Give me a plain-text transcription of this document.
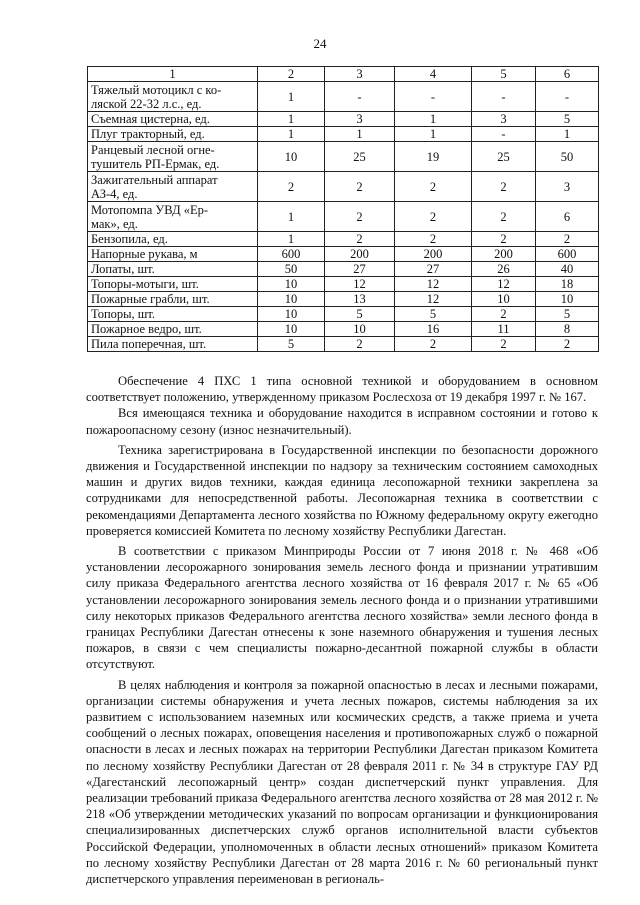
24
1	2	3	4	5	6
Тяжелый мотоцикл с ко-
ляской 22-32 л.с., ед.	1	-	-	-	-
Съемная цистерна, ед.	1	3	1	3	5
Плуг тракторный, ед.	1	1	1	-	1
Ранцевый лесной огне-
тушитель РП-Ермак, ед.	10	25	19	25	50
Зажигательный аппарат
АЗ-4, ед.	2	2	2	2	3
Мотопомпа УВД «Ер-
мак», ед.	1	2	2	2	6
Бензопила, ед.	1	2	2	2	2
Напорные рукава, м	600	200	200	200	600
Лопаты, шт.	50	27	27	26	40
Топоры-мотыги, шт.	10	12	12	12	18
Пожарные грабли, шт.	10	13	12	10	10
Топоры, шт.	10	5	5	2	5
Пожарное ведро, шт.	10	10	16	11	8
Пила поперечная, шт.	5	2	2	2	2

Обеспечение 4 ПХС 1 типа основной техникой и оборудованием в основном соответствует положению, утвержденному приказом Рослесхоза от 19 декабря 1997 г. № 167.

Вся имеющаяся техника и оборудование находится в исправном состоянии и готово к пожароопасному сезону (износ незначительный).

Техника зарегистрирована в Государственной инспекции по безопасности дорожного движения и Государственной инспекции по надзору за техническим состоянием самоходных машин и других видов техники, каждая единица лесопожарной техники закреплена за сотрудниками для непосредственной работы. Лесопожарная техника в соответствии с рекомендациями Департамента лесного хозяйства по Южному федеральному округу ежегодно проверяется комиссией Комитета по лесному хозяйству Республики Дагестан.

В соответствии с приказом Минприроды России от 7 июня 2018 г. № 468 «Об установлении лесорожарного зонирования земель лесного фонда и признании утратившим силу приказа Федерального агентства лесного хозяйства от 16 февраля 2017 г. № 65 «Об установлении лесорожарного зонирования земель лесного фонда и о признании утратившими силу некоторых приказов Федерального агентства лесного хозяйства» земли лесного фонда в границах Республики Дагестан отнесены к зоне наземного обнаружения и тушения лесных пожаров, в связи с чем специалисты пожарно-десантной пожарной службы в области отсутствуют.

В целях наблюдения и контроля за пожарной опасностью в лесах и лесными пожарами, организации системы обнаружения и учета лесных пожаров, системы наблюдения за их развитием с использованием наземных или космических средств, а также приема и учета сообщений о лесных пожарах, оповещения населения и противопожарных служб о пожарной опасности в лесах и лесных пожарах на территории Республики Дагестан приказом Комитета по лесному хозяйству Республики Дагестан от 28 февраля 2011 г. № 34 в структуре ГАУ РД «Дагестанский лесопожарный центр» создан диспетчерский пункт управления. Для реализации требований приказа Федерального агентства лесного хозяйства от 28 мая 2012 г. № 218 «Об утверждении методических указаний по вопросам организации и функционирования специализированных диспетчерских служб органов исполнительной власти субъектов Российской Федерации, уполномоченных в области лесных отношений» приказом Комитета по лесному хозяйству Республики Дагестан от 28 марта 2016 г. № 60 региональный пункт диспетчерского управления переименован в региональ-
